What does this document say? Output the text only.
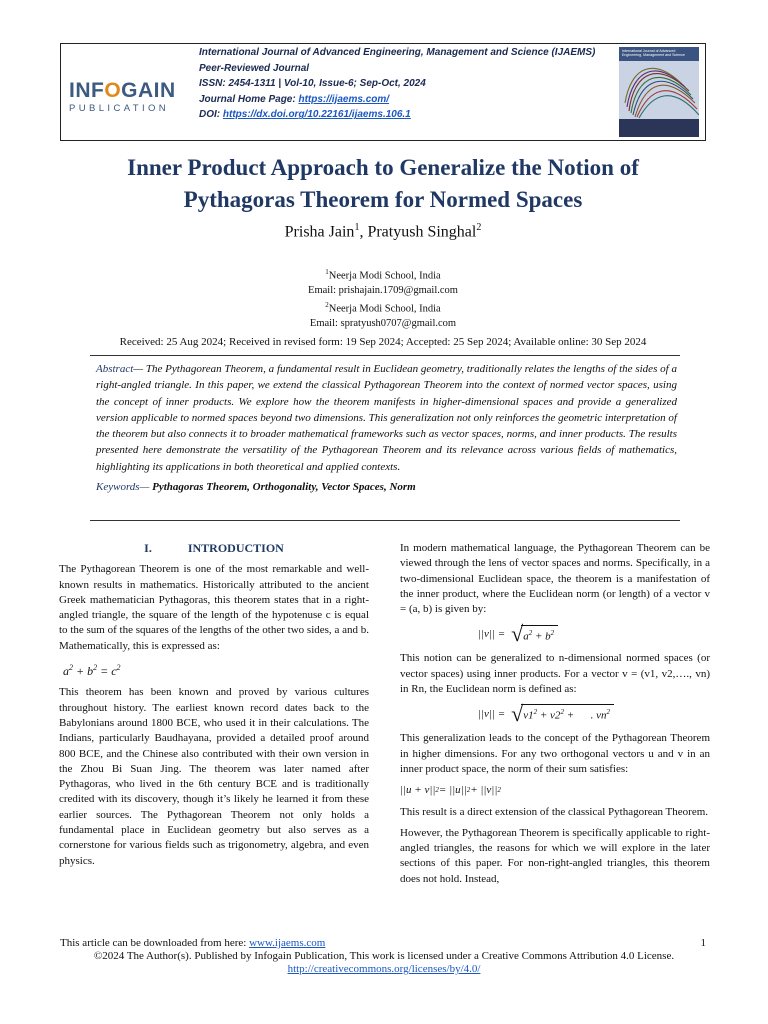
INFOGAIN
PUBLICATION
International Journal of Advanced Engineering, Management and Science (IJAEMS)
Peer-Reviewed Journal
ISSN: 2454-1311 | Vol-10, Issue-6; Sep-Oct, 2024
Journal Home Page: https://ijaems.com/
DOI: https://dx.doi.org/10.22161/ijaems.106.1
International Journal of Advanced Engineering, Management and Science
Inner Product Approach to Generalize the Notion of
Pythagoras Theorem for Normed Spaces
Prisha Jain$^1$, Pratyush Singhal$^2$
$^1$Neerja Modi School, India
Email: prishajain.1709@gmail.com
$^2$Neerja Modi School, India
Email: spratyush0707@gmail.com
Received: 25 Aug 2024; Received in revised form: 19 Sep 2024; Accepted: 25 Sep 2024; Available online: 30 Sep 2024
Abstract— The Pythagorean Theorem, a fundamental result in Euclidean geometry, traditionally relates the lengths of the sides of a right-angled triangle. In this paper, we extend the classical Pythagorean Theorem into the context of normed vector spaces, using the concept of inner products. We explore how the theorem manifests in higher-dimensional spaces and provide a generalized version applicable to normed spaces beyond two dimensions. This generalization not only reinforces the geometric interpretation of the theorem but also connects it to broader mathematical frameworks such as vector spaces, norms, and inner products. The results presented here demonstrate the versatility of the Pythagorean Theorem and its relevance across various fields of mathematics, highlighting its applications in both theoretical and applied contexts.
Keywords— Pythagoras Theorem, Orthogonality, Vector Spaces, Norm
I.	INTRODUCTION

The Pythagorean Theorem is one of the most remarkable and well-known results in mathematics. Historically attributed to the ancient Greek mathematician Pythagoras, this theorem states that in a right-angled triangle, the square of the length of the hypotenuse c is equal to the sum of the squares of the lengths of the other two sides, a and b. Mathematically, this is expressed as:

$a^2 + b^2 = c^2$

This theorem has been known and proved by various cultures throughout history. The earliest known record dates back to the Babylonians around 1800 BCE, who used it in their calculations. The Indians, particularly Baudhayana, provided a detailed proof around 800 BCE, and the Chinese also contributed with their own version in the Zhou Bi Suan Jing. The theorem was later named after Pythagoras, who lived in the 6th century BCE and is traditionally credited with its discovery, though it’s likely he learned it from these earlier sources. The Pythagorean Theorem not only holds a fundamental place in Euclidean geometry but also serves as a cornerstone for various fields such as trigonometry, algebra, and even physics.

In modern mathematical language, the Pythagorean Theorem can be viewed through the lens of vector spaces and norms. Specifically, in a two-dimensional Euclidean space, the theorem is a manifestation of the inner product, where the Euclidean norm (or length) of a vector v = (a, b) is given by:

$||v|| = √a^2 + b^2$

This notion can be generalized to n-dimensional normed spaces (or vector spaces) using inner products. For a vector v = (v1, v2,…., vn) in Rn, the Euclidean norm is defined as:

$||v|| = √v1^2 + v2^2$ +      . $vn^2$

This generalization leads to the concept of the Pythagorean Theorem in higher dimensions. For any two orthogonal vectors u and v in an inner product space, the norm of their sum satisfies:

||u + v|| 2 = ||u|| 2 + ||v|| 2

This result is a direct extension of the classical Pythagorean Theorem.

However, the Pythagorean Theorem is specifically applicable to right-angled triangles, the reasons for which we will explore in the later sections of this paper. For non-right-angled triangles, this theorem does not hold. Instead,

This article can be downloaded from here: www.ijaems.com	1
©2024 The Author(s). Published by Infogain Publication, This work is licensed under a Creative Commons Attribution 4.0 License.
http://creativecommons.org/licenses/by/4.0/
